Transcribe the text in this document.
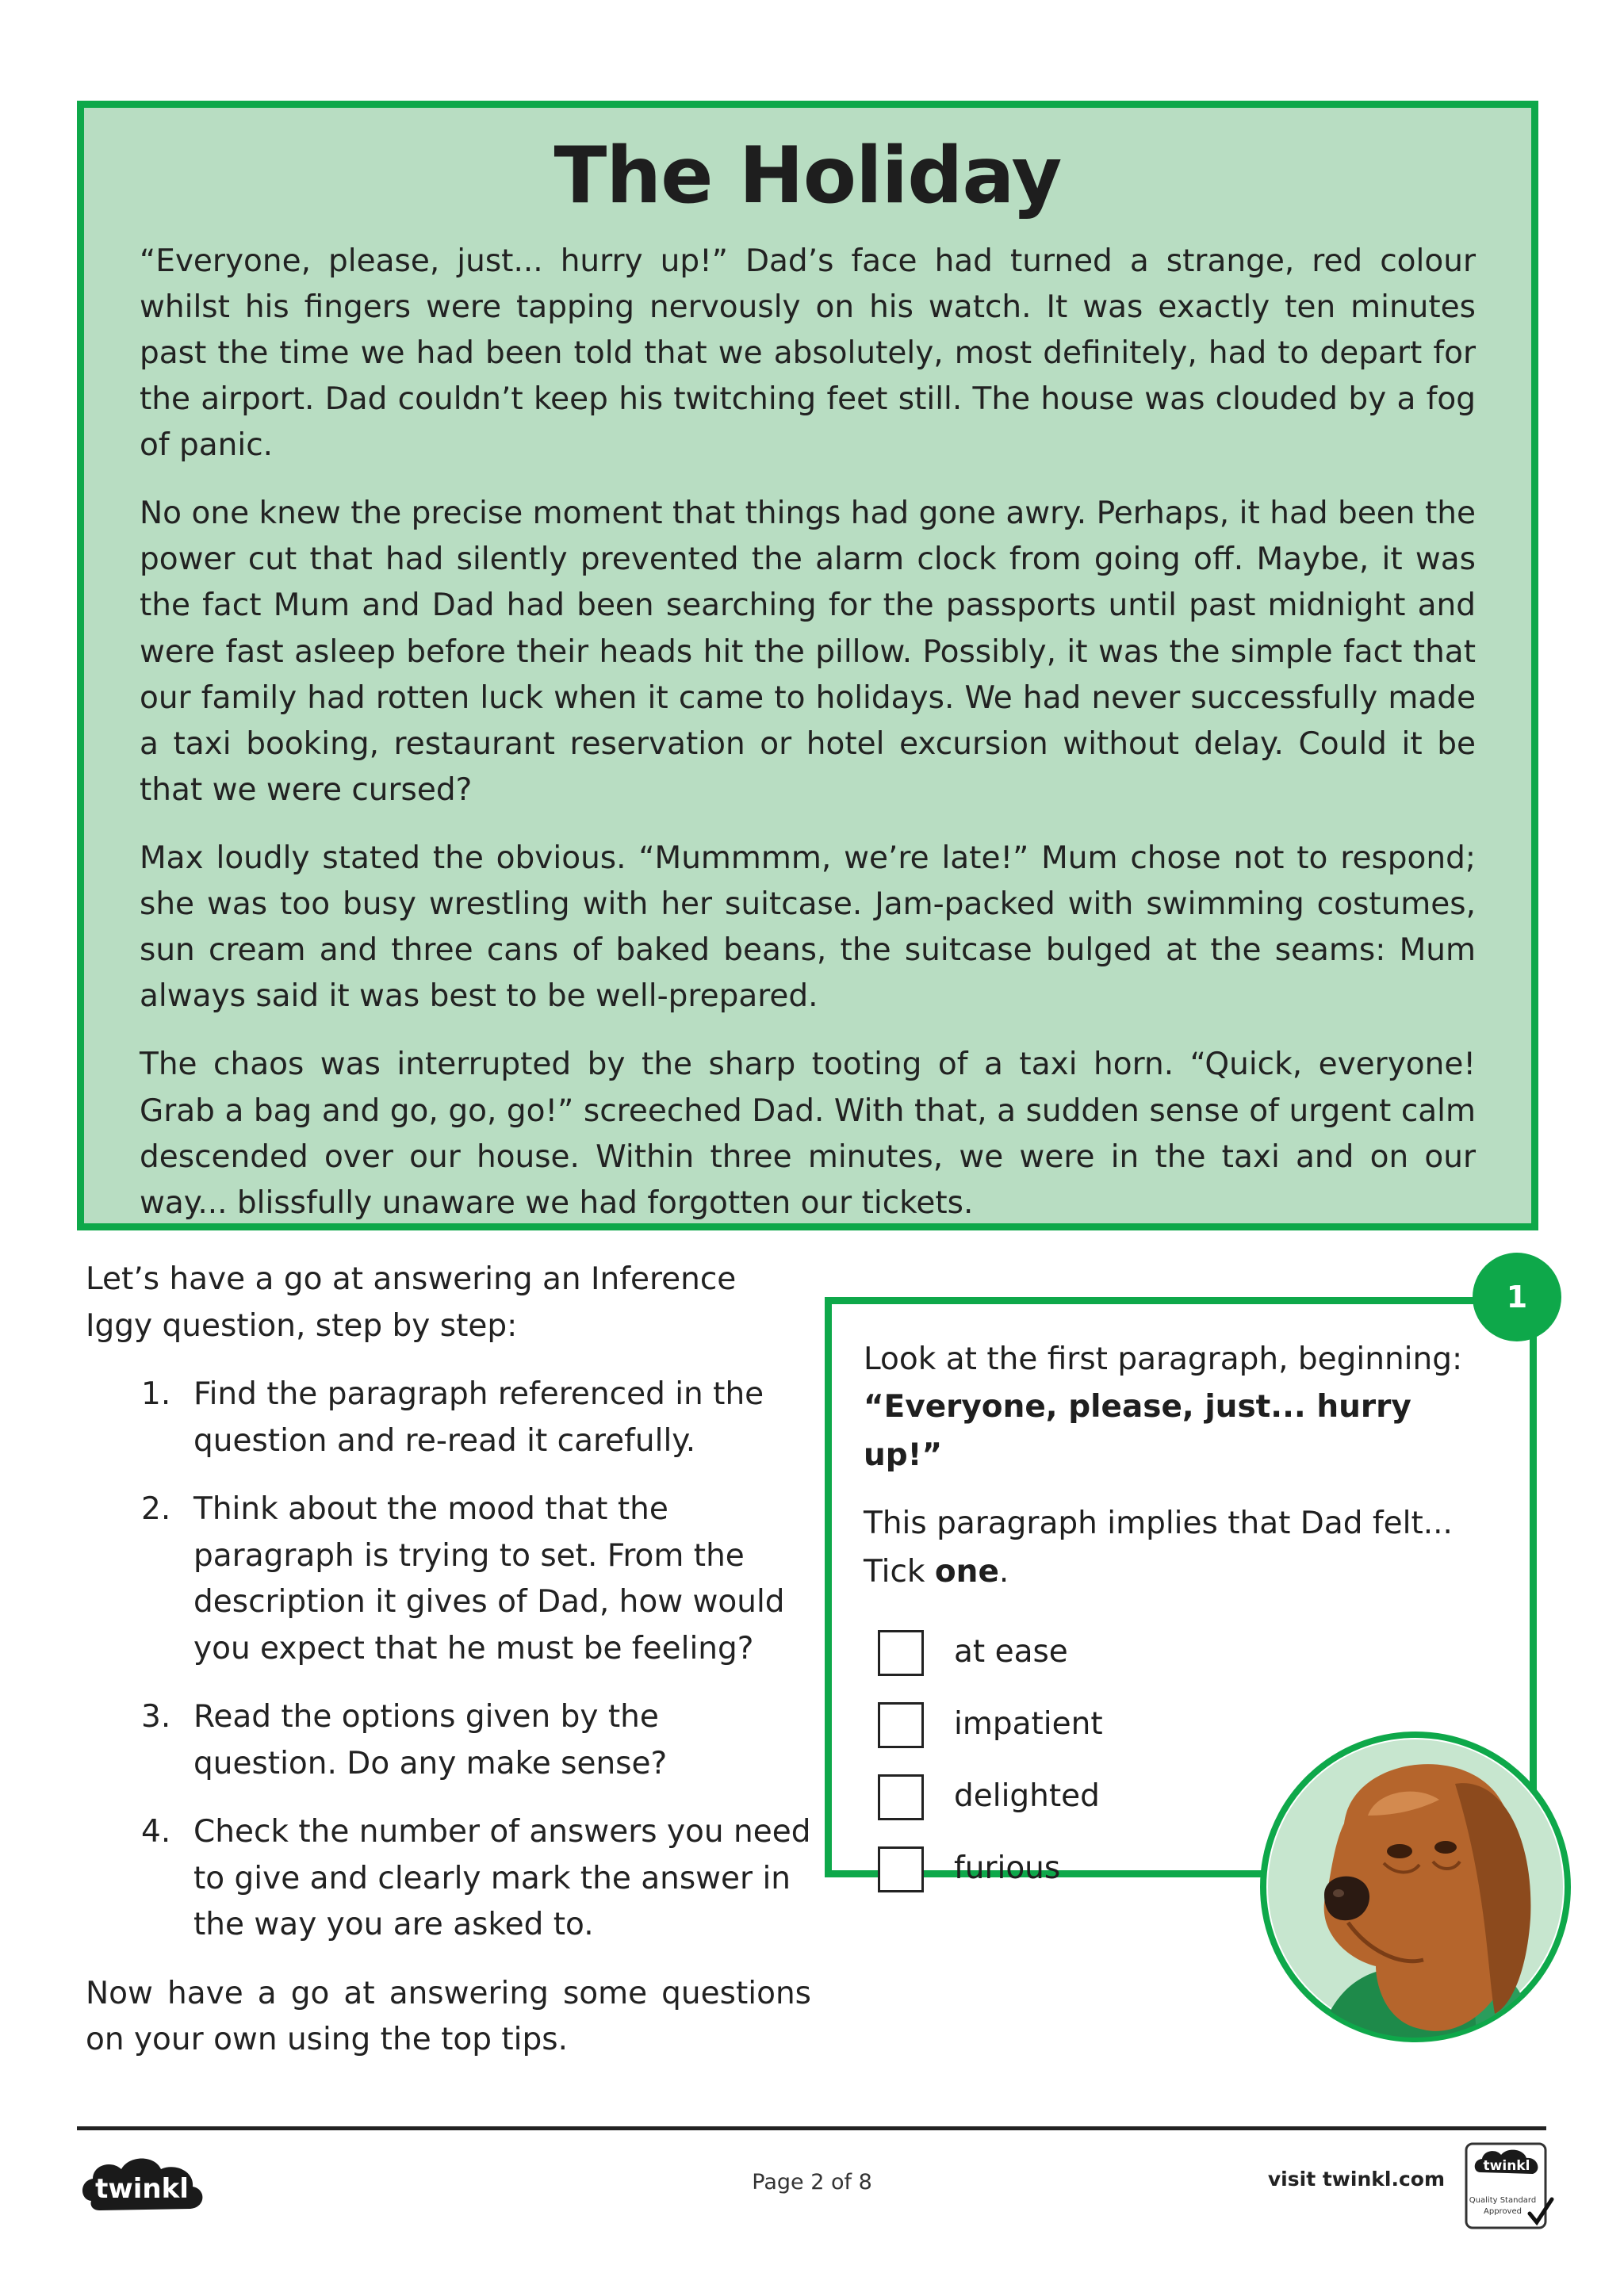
The Holiday

“Everyone, please, just... hurry up!” Dad’s face had turned a strange, red colour whilst his fingers were tapping nervously on his watch. It was exactly ten minutes past the time we had been told that we absolutely, most definitely, had to depart for the airport. Dad couldn’t keep his twitching feet still. The house was clouded by a fog of panic.

No one knew the precise moment that things had gone awry. Perhaps, it had been the power cut that had silently prevented the alarm clock from going off. Maybe, it was the fact Mum and Dad had been searching for the passports until past midnight and were fast asleep before their heads hit the pillow. Possibly, it was the simple fact that our family had rotten luck when it came to holidays. We had never successfully made a taxi booking, restaurant reservation or hotel excursion without delay. Could it be that we were cursed?

Max loudly stated the obvious. “Mummmm, we’re late!” Mum chose not to respond; she was too busy wrestling with her suitcase. Jam-packed with swimming costumes, sun cream and three cans of baked beans, the suitcase bulged at the seams: Mum always said it was best to be well-prepared.

The chaos was interrupted by the sharp tooting of a taxi horn. “Quick, everyone! Grab a bag and go, go, go!” screeched Dad. With that, a sudden sense of urgent calm descended over our house. Within three minutes, we were in the taxi and on our way... blissfully unaware we had forgotten our tickets.

Let’s have a go at answering an Inference Iggy question, step by step:

1. Find the paragraph referenced in the question and re-read it carefully.
2. Think about the mood that the paragraph is trying to set. From the description it gives of Dad, how would you expect that he must be feeling?
3. Read the options given by the question. Do any make sense?
4. Check the number of answers you need to give and clearly mark the answer in the way you are asked to.

Now have a go at answering some questions on your own using the top tips.

Look at the first paragraph, beginning:
“Everyone, please, just... hurry up!”

This paragraph implies that Dad felt... Tick one.

at ease
impatient
delighted
furious
1
twinkl	Page 2 of 8	visit twinkl.com
twinkl
Quality Standard
Approved
